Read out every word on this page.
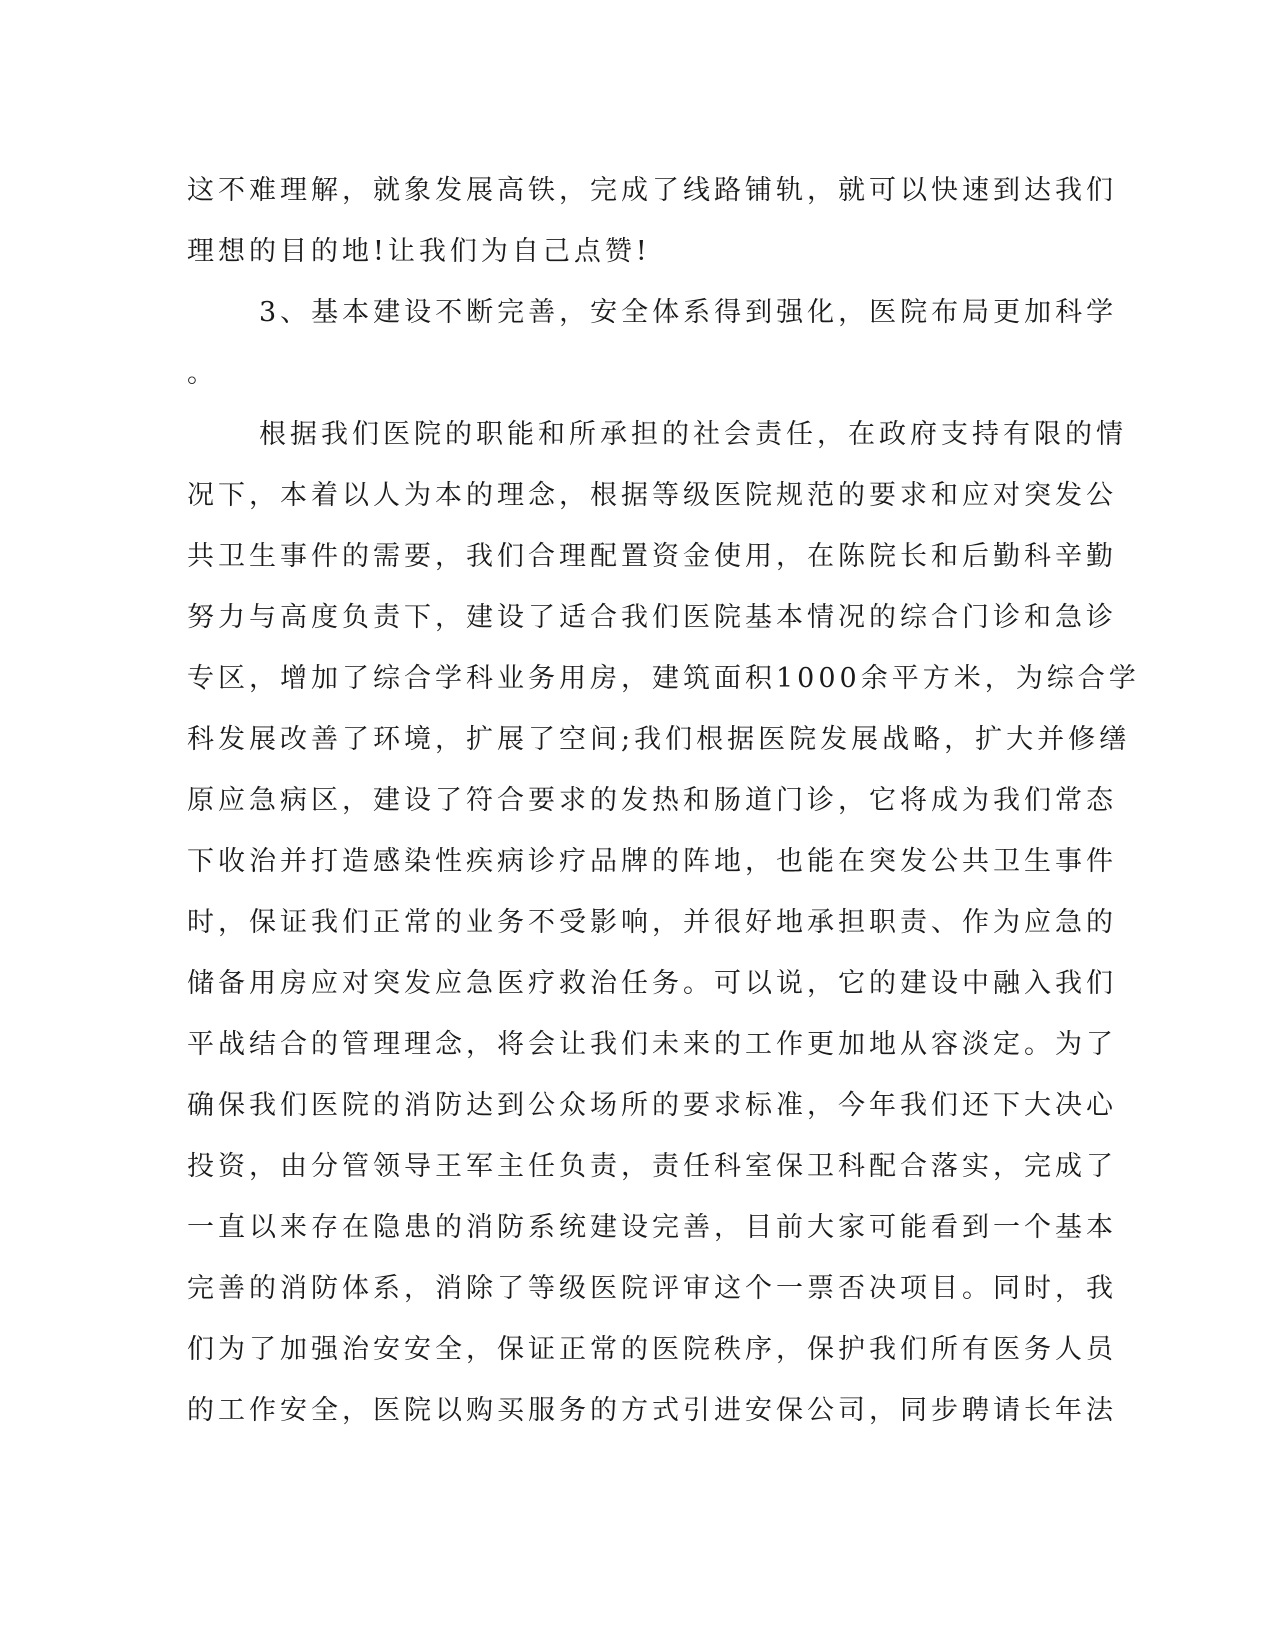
这不难理解，就象发展高铁，完成了线路铺轨，就可以快速到达我们
理想的目的地!让我们为自己点赞!
3、基本建设不断完善，安全体系得到强化，医院布局更加科学
。
根据我们医院的职能和所承担的社会责任，在政府支持有限的情
况下，本着以人为本的理念，根据等级医院规范的要求和应对突发公
共卫生事件的需要，我们合理配置资金使用，在陈院长和后勤科辛勤
努力与高度负责下，建设了适合我们医院基本情况的综合门诊和急诊
专区，增加了综合学科业务用房，建筑面积1000余平方米，为综合学
科发展改善了环境，扩展了空间;我们根据医院发展战略，扩大并修缮
原应急病区，建设了符合要求的发热和肠道门诊，它将成为我们常态
下收治并打造感染性疾病诊疗品牌的阵地，也能在突发公共卫生事件
时，保证我们正常的业务不受影响，并很好地承担职责、作为应急的
储备用房应对突发应急医疗救治任务。可以说，它的建设中融入我们
平战结合的管理理念，将会让我们未来的工作更加地从容淡定。为了
确保我们医院的消防达到公众场所的要求标准，今年我们还下大决心
投资，由分管领导王军主任负责，责任科室保卫科配合落实，完成了
一直以来存在隐患的消防系统建设完善，目前大家可能看到一个基本
完善的消防体系，消除了等级医院评审这个一票否决项目。同时，我
们为了加强治安安全，保证正常的医院秩序，保护我们所有医务人员
的工作安全，医院以购买服务的方式引进安保公司，同步聘请长年法
